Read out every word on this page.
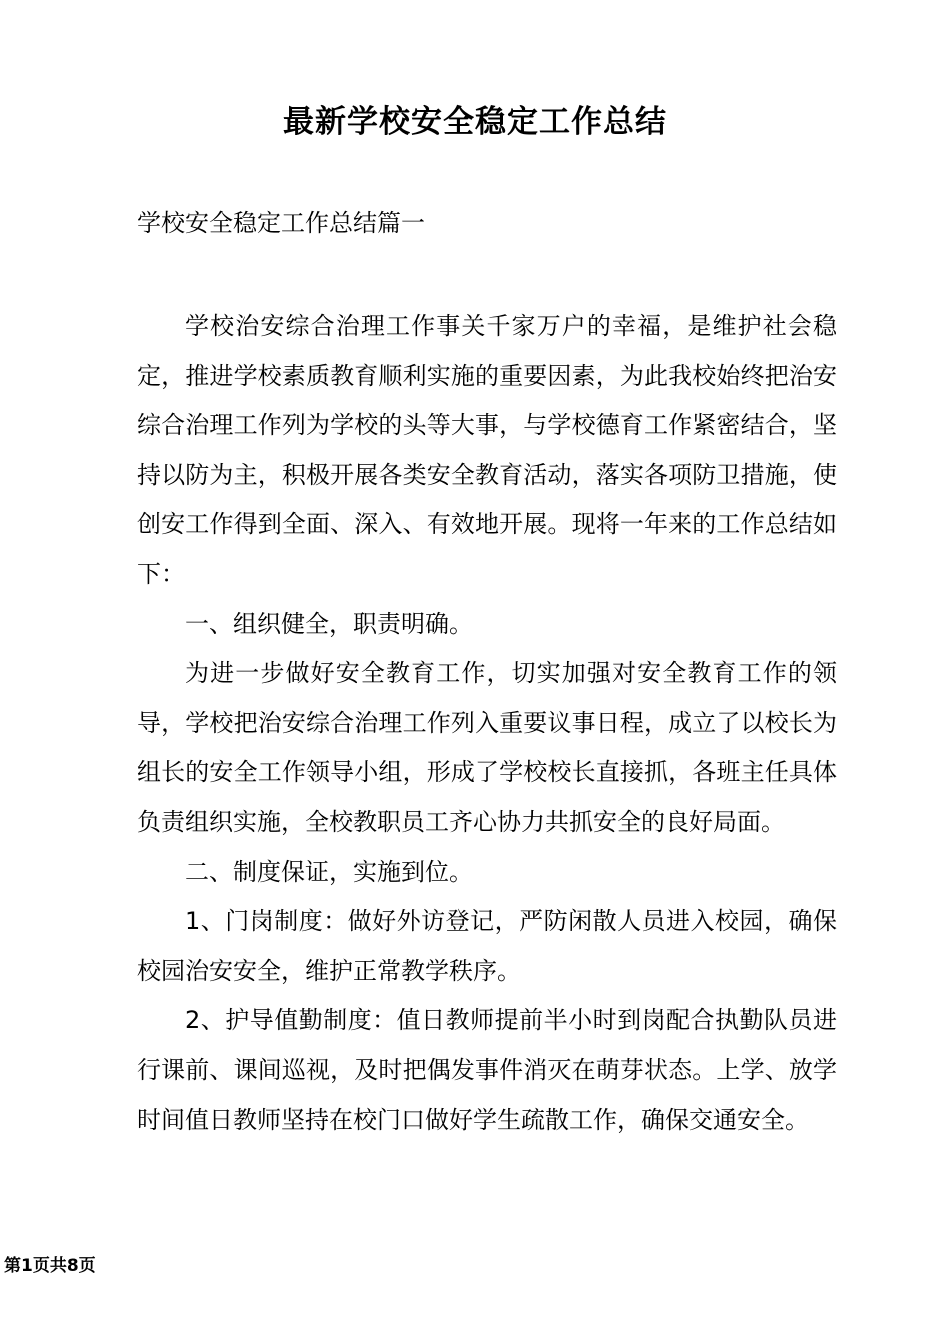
最新学校安全稳定工作总结
学校安全稳定工作总结篇一

学校治安综合治理工作事关千家万户的幸福，是维护社会稳定，推进学校素质教育顺利实施的重要因素，为此我校始终把治安综合治理工作列为学校的头等大事，与学校德育工作紧密结合，坚持以防为主，积极开展各类安全教育活动，落实各项防卫措施，使创安工作得到全面、深入、有效地开展。现将一年来的工作总结如下：

一、组织健全，职责明确。

为进一步做好安全教育工作，切实加强对安全教育工作的领导，学校把治安综合治理工作列入重要议事日程，成立了以校长为组长的安全工作领导小组，形成了学校校长直接抓，各班主任具体负责组织实施，全校教职员工齐心协力共抓安全的良好局面。

二、制度保证，实施到位。

1、门岗制度：做好外访登记，严防闲散人员进入校园，确保校园治安安全，维护正常教学秩序。

2、护导值勤制度：值日教师提前半小时到岗配合执勤队员进行课前、课间巡视，及时把偶发事件消灭在萌芽状态。上学、放学时间值日教师坚持在校门口做好学生疏散工作，确保交通安全。

第1页共8页
